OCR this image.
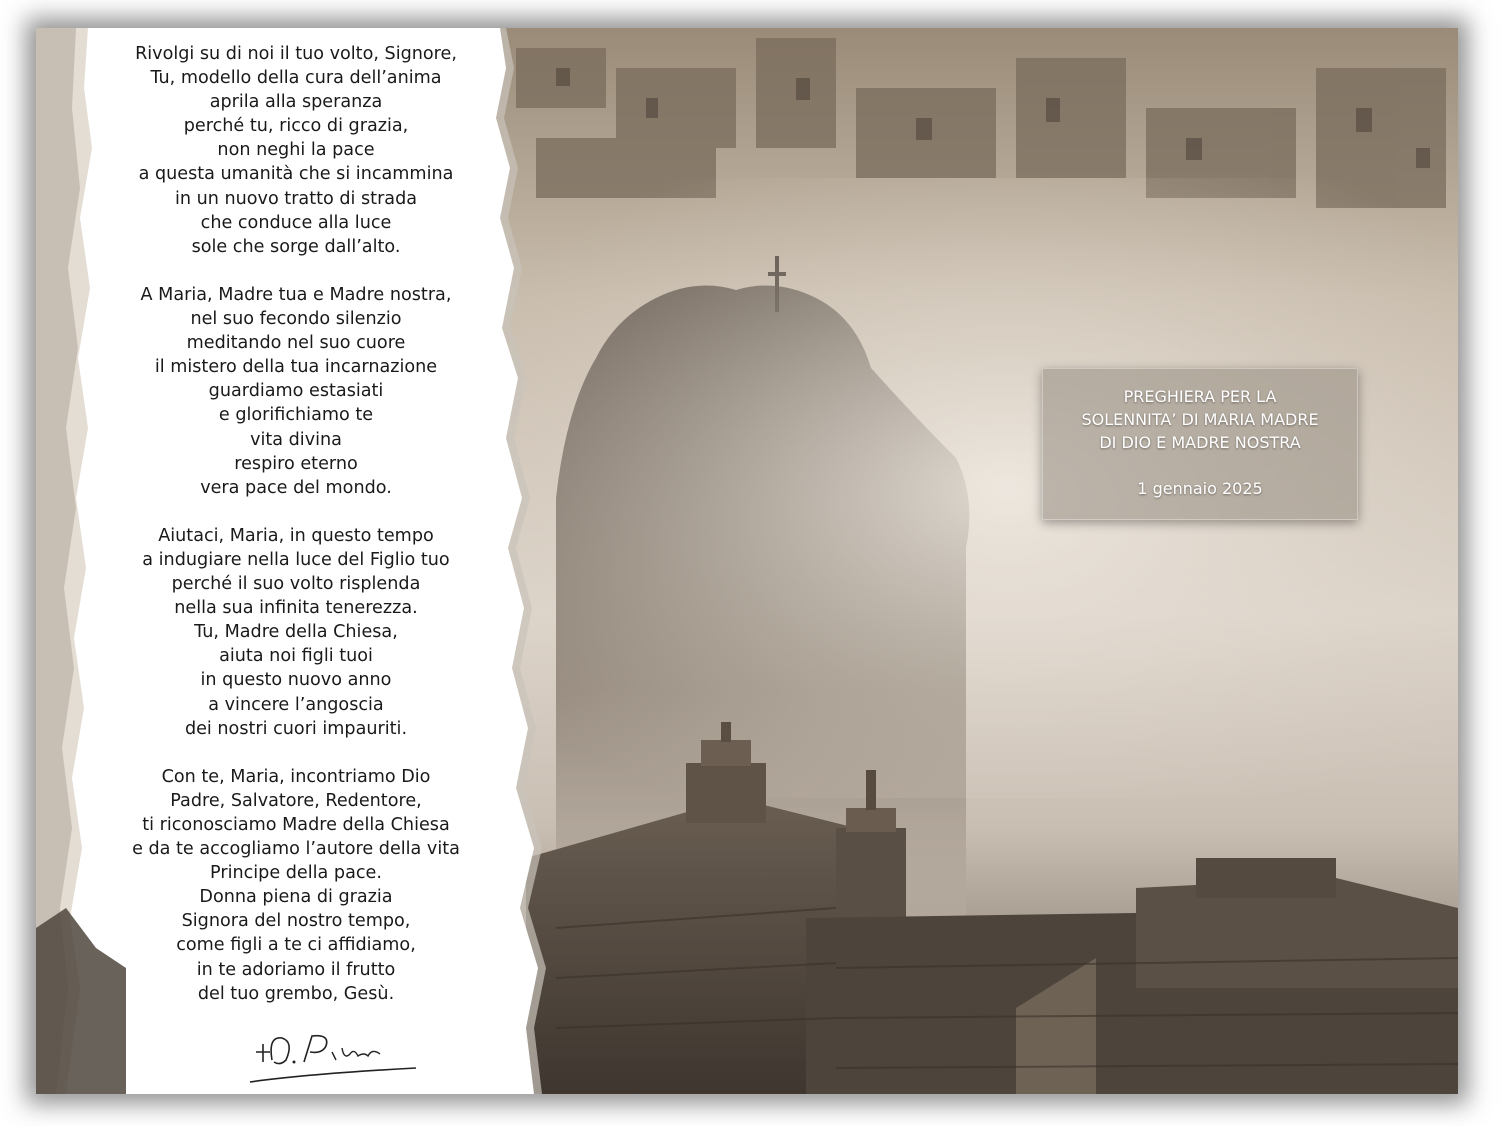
Rivolgi su di noi il tuo volto, Signore,
Tu, modello della cura dell’anima
aprila alla speranza
perché tu, ricco di grazia,
non neghi la pace
a questa umanità che si incammina
in un nuovo tratto di strada
che conduce alla luce
sole che sorge dall’alto.
A Maria, Madre tua e Madre nostra,
nel suo fecondo silenzio
meditando nel suo cuore
il mistero della tua incarnazione
guardiamo estasiati
e glorifichiamo te
vita divina
respiro eterno
vera pace del mondo.
Aiutaci, Maria, in questo tempo
a indugiare nella luce del Figlio tuo
perché il suo volto risplenda
nella sua infinita tenerezza.
Tu, Madre della Chiesa,
aiuta noi figli tuoi
in questo nuovo anno
a vincere l’angoscia
dei nostri cuori impauriti.
Con te, Maria, incontriamo Dio
Padre, Salvatore, Redentore,
ti riconosciamo Madre della Chiesa
e da te accogliamo l’autore della vita
Principe della pace.
Donna piena di grazia
Signora del nostro tempo,
come figli a te ci affidiamo,
in te adoriamo il frutto
del tuo grembo, Gesù.
PREGHIERA PER LA
SOLENNITA’ DI MARIA MADRE
DI DIO E MADRE NOSTRA
1 gennaio 2025
